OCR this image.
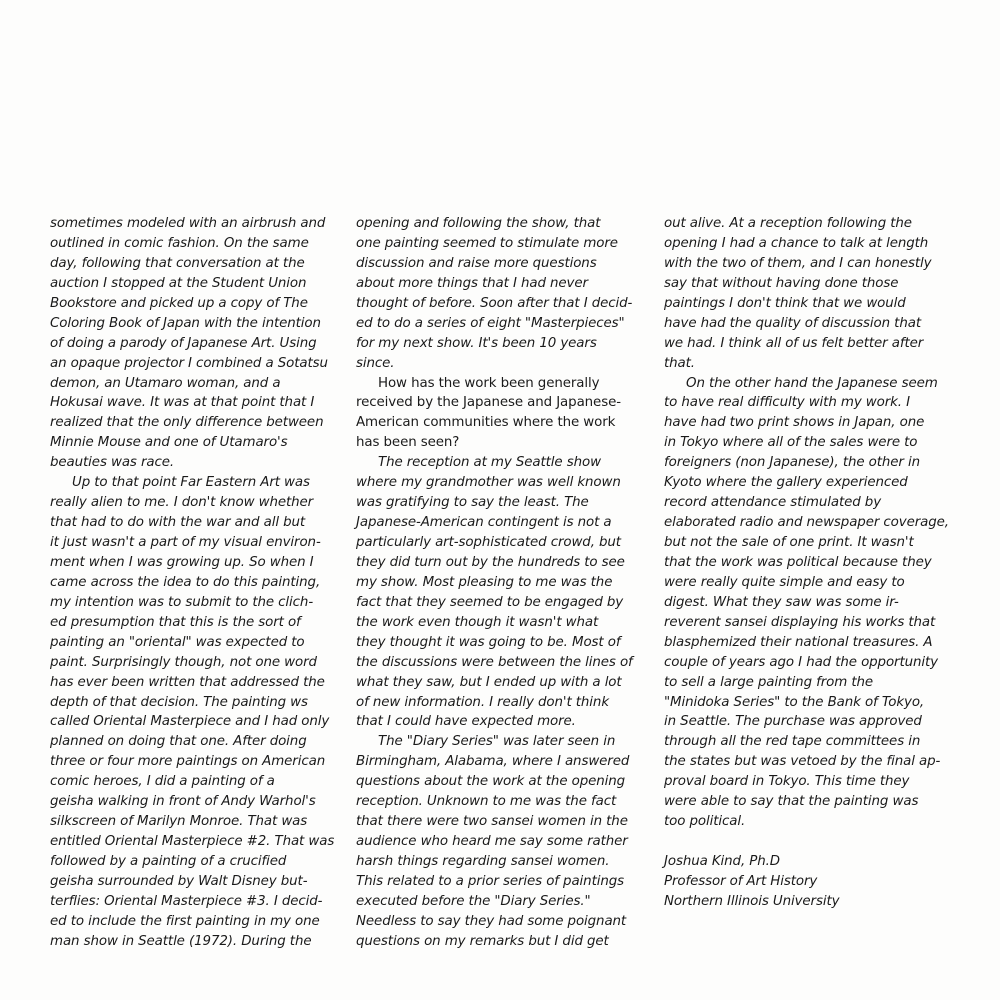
sometimes modeled with an airbrush and
outlined in comic fashion. On the same
day, following that conversation at the
auction I stopped at the Student Union
Bookstore and picked up a copy of The
Coloring Book of Japan with the intention
of doing a parody of Japanese Art. Using
an opaque projector I combined a Sotatsu
demon, an Utamaro woman, and a
Hokusai wave. It was at that point that I
realized that the only difference between
Minnie Mouse and one of Utamaro's
beauties was race.
Up to that point Far Eastern Art was
really alien to me. I don't know whether
that had to do with the war and all but
it just wasn't a part of my visual environ-
ment when I was growing up. So when I
came across the idea to do this painting,
my intention was to submit to the clich-
ed presumption that this is the sort of
painting an "oriental" was expected to
paint. Surprisingly though, not one word
has ever been written that addressed the
depth of that decision. The painting ws
called Oriental Masterpiece and I had only
planned on doing that one. After doing
three or four more paintings on American
comic heroes, I did a painting of a
geisha walking in front of Andy Warhol's
silkscreen of Marilyn Monroe. That was
entitled Oriental Masterpiece #2. That was
followed by a painting of a crucified
geisha surrounded by Walt Disney but-
terflies: Oriental Masterpiece #3. I decid-
ed to include the first painting in my one
man show in Seattle (1972). During the
opening and following the show, that
one painting seemed to stimulate more
discussion and raise more questions
about more things that I had never
thought of before. Soon after that I decid-
ed to do a series of eight "Masterpieces"
for my next show. It's been 10 years
since.
How has the work been generally
received by the Japanese and Japanese-
American communities where the work
has been seen?
The reception at my Seattle show
where my grandmother was well known
was gratifying to say the least. The
Japanese-American contingent is not a
particularly art-sophisticated crowd, but
they did turn out by the hundreds to see
my show. Most pleasing to me was the
fact that they seemed to be engaged by
the work even though it wasn't what
they thought it was going to be. Most of
the discussions were between the lines of
what they saw, but I ended up with a lot
of new information. I really don't think
that I could have expected more.
The "Diary Series" was later seen in
Birmingham, Alabama, where I answered
questions about the work at the opening
reception. Unknown to me was the fact
that there were two sansei women in the
audience who heard me say some rather
harsh things regarding sansei women.
This related to a prior series of paintings
executed before the "Diary Series."
Needless to say they had some poignant
questions on my remarks but I did get
out alive. At a reception following the
opening I had a chance to talk at length
with the two of them, and I can honestly
say that without having done those
paintings I don't think that we would
have had the quality of discussion that
we had. I think all of us felt better after
that.
On the other hand the Japanese seem
to have real difficulty with my work. I
have had two print shows in Japan, one
in Tokyo where all of the sales were to
foreigners (non Japanese), the other in
Kyoto where the gallery experienced
record attendance stimulated by
elaborated radio and newspaper coverage,
but not the sale of one print. It wasn't
that the work was political because they
were really quite simple and easy to
digest. What they saw was some ir-
reverent sansei displaying his works that
blasphemized their national treasures. A
couple of years ago I had the opportunity
to sell a large painting from the
"Minidoka Series" to the Bank of Tokyo,
in Seattle. The purchase was approved
through all the red tape committees in
the states but was vetoed by the final ap-
proval board in Tokyo. This time they
were able to say that the painting was
too political.
Joshua Kind, Ph.D
Professor of Art History
Northern Illinois University
